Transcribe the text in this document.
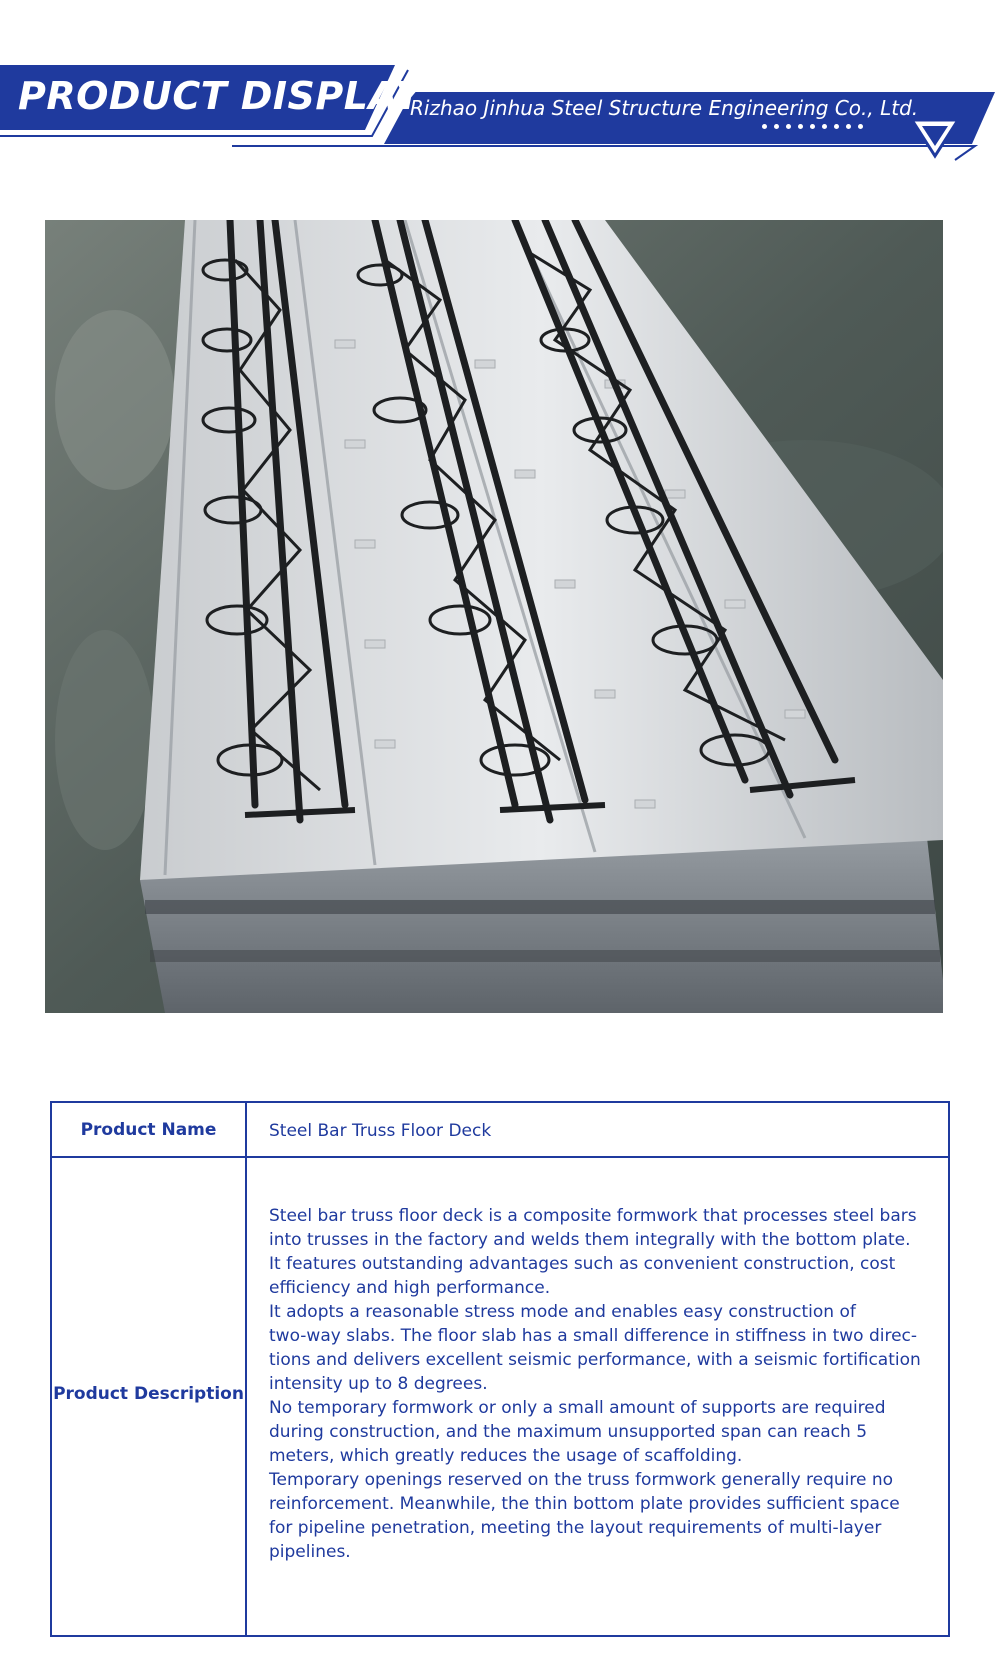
PRODUCT DISPLAY
Rizhao Jinhua Steel Structure Engineering Co., Ltd.
Product Name	Steel Bar Truss Floor Deck
Product Description
Steel bar truss floor deck is a composite formwork that processes steel bars
into trusses in the factory and welds them integrally with the bottom plate.
It features outstanding advantages such as convenient construction, cost
efficiency and high performance.
It adopts a reasonable stress mode and enables easy construction of
two-way slabs. The floor slab has a small difference in stiffness in two direc-
tions and delivers excellent seismic performance, with a seismic fortification
intensity up to 8 degrees.
No temporary formwork or only a small amount of supports are required
during construction, and the maximum unsupported span can reach 5
meters, which greatly reduces the usage of scaffolding.
Temporary openings reserved on the truss formwork generally require no
reinforcement. Meanwhile, the thin bottom plate provides sufficient space
for pipeline penetration, meeting the layout requirements of multi-layer
pipelines.
